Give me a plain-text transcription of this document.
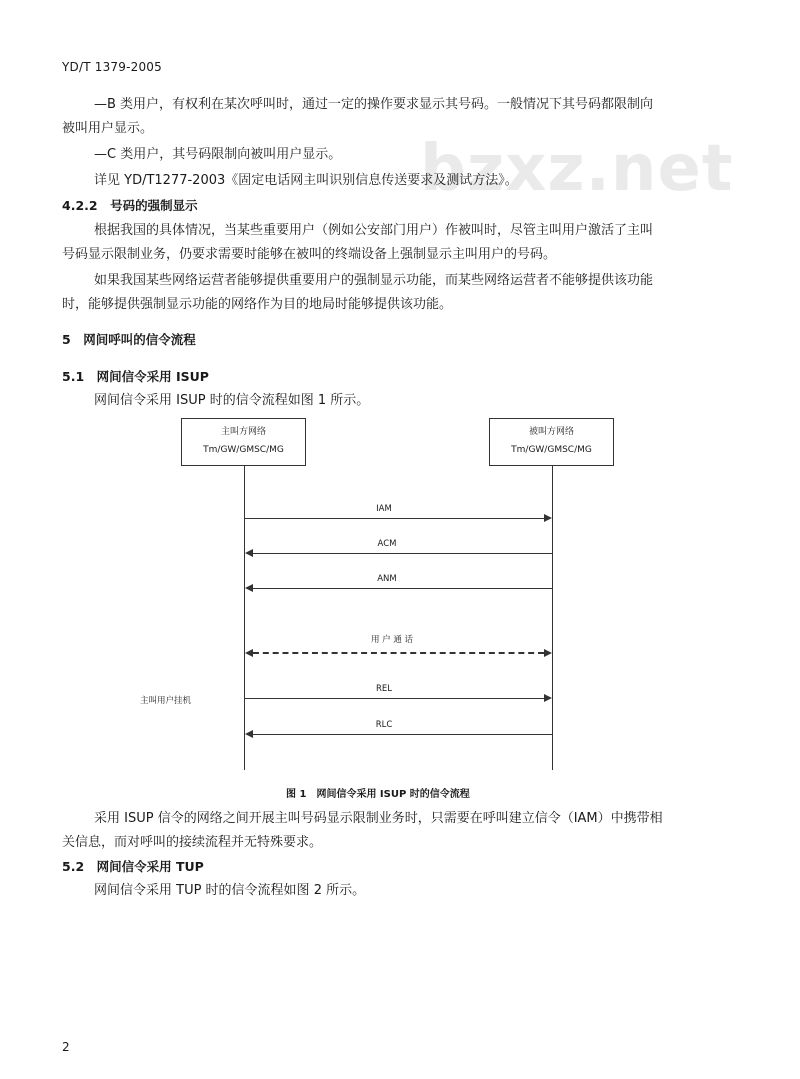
YD/T 1379-2005
bzxz.net
—B 类用户，有权利在某次呼叫时，通过一定的操作要求显示其号码。一般情况下其号码都限制向
被叫用户显示。
—C 类用户，其号码限制向被叫用户显示。
详见 YD/T1277-2003《固定电话网主叫识别信息传送要求及测试方法》。
4.2.2　号码的强制显示
根据我国的具体情况，当某些重要用户（例如公安部门用户）作被叫时，尽管主叫用户激活了主叫
号码显示限制业务，仍要求需要时能够在被叫的终端设备上强制显示主叫用户的号码。
如果我国某些网络运营者能够提供重要用户的强制显示功能，而某些网络运营者不能够提供该功能
时，能够提供强制显示功能的网络作为目的地局时能够提供该功能。
5　网间呼叫的信令流程
5.1　网间信令采用 ISUP
网间信令采用 ISUP 时的信令流程如图 1 所示。
主叫方网络
Tm/GW/GMSC/MG
被叫方网络
Tm/GW/GMSC/MG
IAM
ACM
ANM
用 户 通 话
主叫用户挂机
REL
RLC
图 1　网间信令采用 ISUP 时的信令流程
采用 ISUP 信令的网络之间开展主叫号码显示限制业务时，只需要在呼叫建立信令（IAM）中携带相
关信息，而对呼叫的接续流程并无特殊要求。
5.2　网间信令采用 TUP
网间信令采用 TUP 时的信令流程如图 2 所示。
2
